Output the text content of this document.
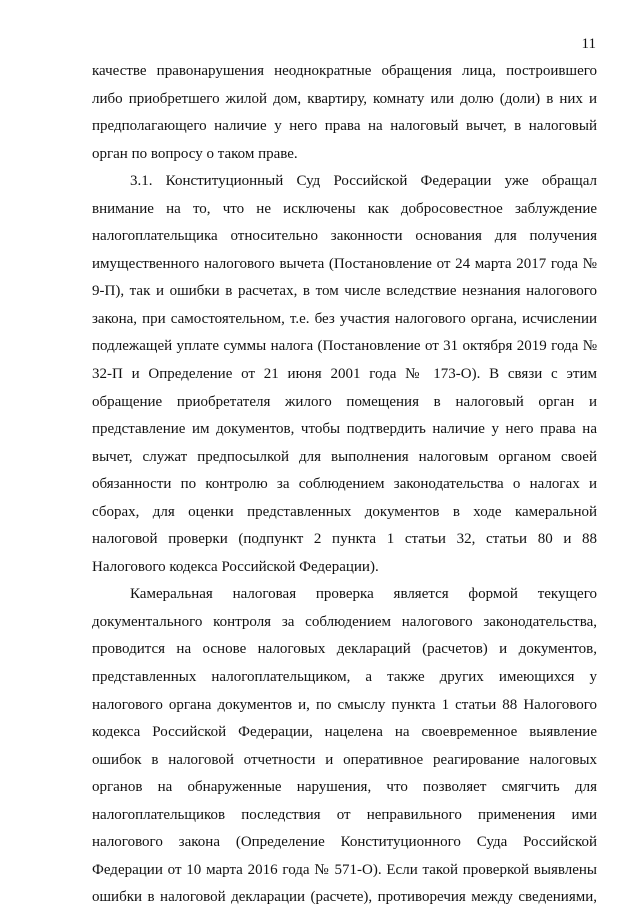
11

качестве правонарушения неоднократные обращения лица, построившего либо приобретшего жилой дом, квартиру, комнату или долю (доли) в них и предполагающего наличие у него права на налоговый вычет, в налоговый орган по вопросу о таком праве.

3.1. Конституционный Суд Российской Федерации уже обращал внимание на то, что не исключены как добросовестное заблуждение налогоплательщика относительно законности основания для получения имущественного налогового вычета (Постановление от 24 марта 2017 года № 9-П), так и ошибки в расчетах, в том числе вследствие незнания налогового закона, при самостоятельном, т.е. без участия налогового органа, исчислении подлежащей уплате суммы налога (Постановление от 31 октября 2019 года № 32-П и Определение от 21 июня 2001 года № 173-О). В связи с этим обращение приобретателя жилого помещения в налоговый орган и представление им документов, чтобы подтвердить наличие у него права на вычет, служат предпосылкой для выполнения налоговым органом своей обязанности по контролю за соблюдением законодательства о налогах и сборах, для оценки представленных документов в ходе камеральной налоговой проверки (подпункт 2 пункта 1 статьи 32, статьи 80 и 88 Налогового кодекса Российской Федерации).

Камеральная налоговая проверка является формой текущего документального контроля за соблюдением налогового законодательства, проводится на основе налоговых деклараций (расчетов) и документов, представленных налогоплательщиком, а также других имеющихся у налогового органа документов и, по смыслу пункта 1 статьи 88 Налогового кодекса Российской Федерации, нацелена на своевременное выявление ошибок в налоговой отчетности и оперативное реагирование налоговых органов на обнаруженные нарушения, что позволяет смягчить для налогоплательщиков последствия от неправильного применения ими налогового закона (Определение Конституционного Суда Российской Федерации от 10 марта 2016 года № 571-О). Если такой проверкой выявлены ошибки в налоговой декларации (расчете), противоречия между сведениями,
